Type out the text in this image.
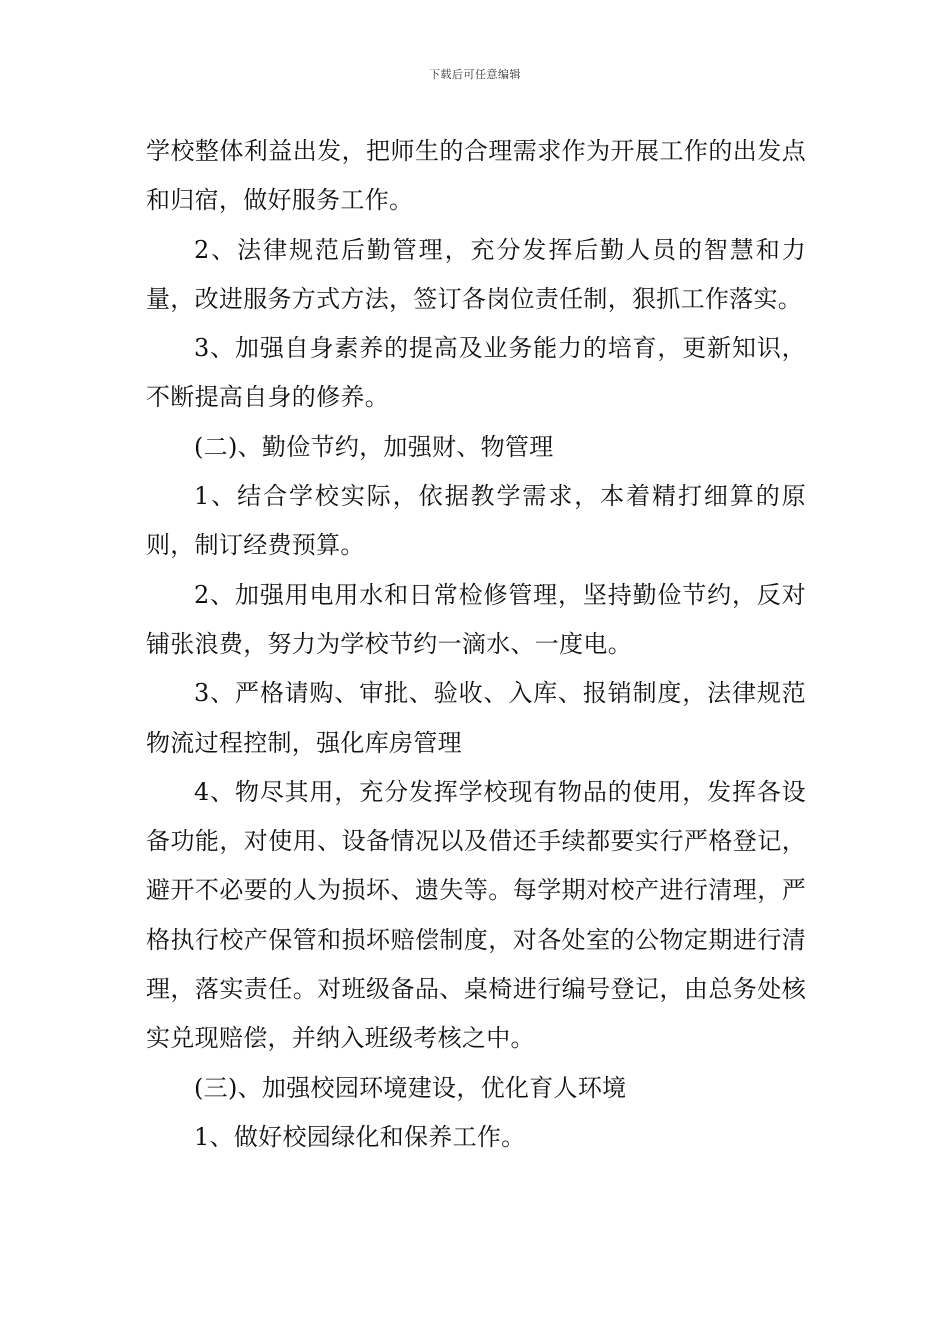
下载后可任意编辑

学校整体利益出发，把师生的合理需求作为开展工作的出发点和归宿，做好服务工作。

2、法律规范后勤管理，充分发挥后勤人员的智慧和力量，改进服务方式方法，签订各岗位责任制，狠抓工作落实。

3、加强自身素养的提高及业务能力的培育，更新知识，不断提高自身的修养。

(二)、勤俭节约，加强财、物管理

1、结合学校实际，依据教学需求，本着精打细算的原则，制订经费预算。

2、加强用电用水和日常检修管理，坚持勤俭节约，反对铺张浪费，努力为学校节约一滴水、一度电。

3、严格请购、审批、验收、入库、报销制度，法律规范物流过程控制，强化库房管理

4、物尽其用，充分发挥学校现有物品的使用，发挥各设备功能，对使用、设备情况以及借还手续都要实行严格登记，避开不必要的人为损坏、遗失等。每学期对校产进行清理，严格执行校产保管和损坏赔偿制度，对各处室的公物定期进行清理，落实责任。对班级备品、桌椅进行编号登记，由总务处核实兑现赔偿，并纳入班级考核之中。

(三)、加强校园环境建设，优化育人环境

1、做好校园绿化和保养工作。
